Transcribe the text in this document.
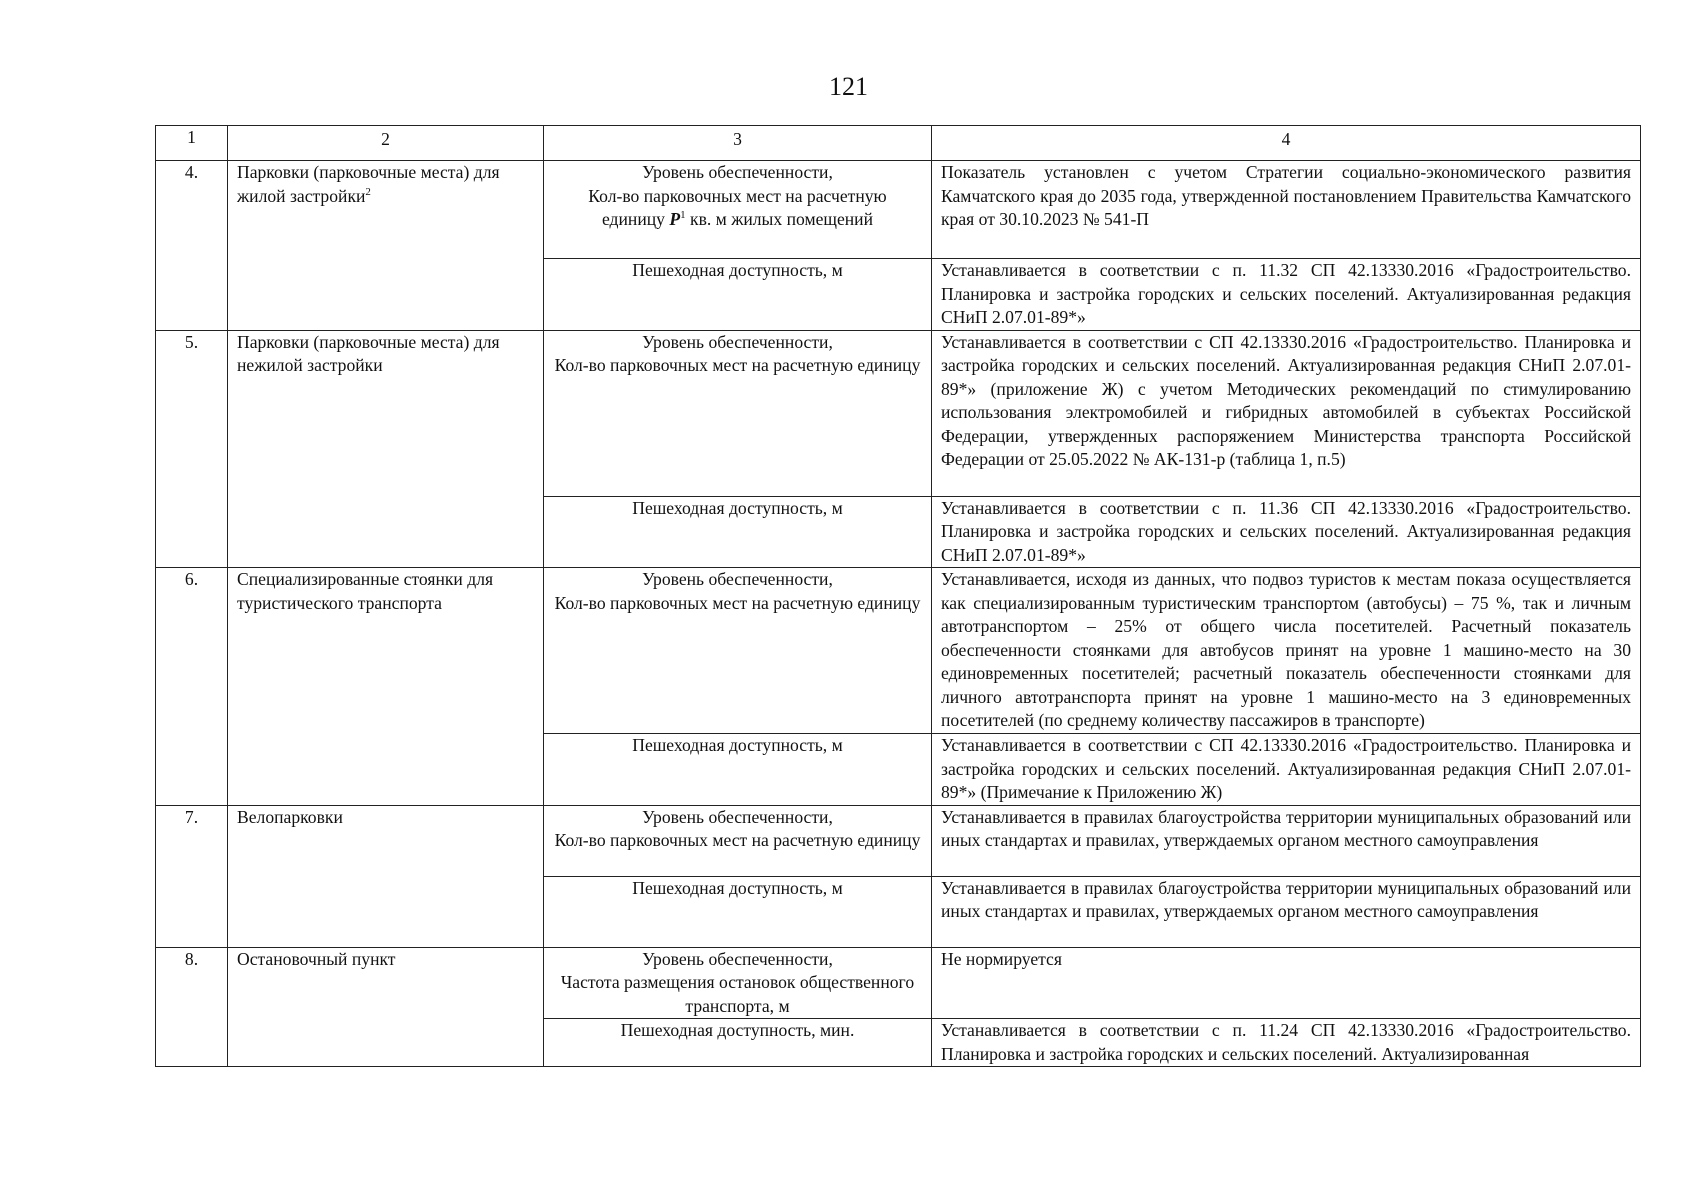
121
1	2	3	4
4.	Парковки (парковочные места) для жилой застройки$^2$	Уровень обеспеченности,
Кол-во парковочных мест на расчетную
единицу $P^1$ кв. м жилых помещений	Показатель установлен с учетом Стратегии социально-экономического развития Камчатского края до 2035 года, утвержденной постановлением Правительства Камчатского края от 30.10.2023 № 541-П
		Пешеходная доступность, м	Устанавливается в соответствии с п. 11.32 СП 42.13330.2016 «Градостроительство. Планировка и застройка городских и сельских поселений. Актуализированная редакция СНиП 2.07.01-89*»
5.	Парковки (парковочные места) для нежилой застройки	Уровень обеспеченности,
Кол-во парковочных мест на расчетную единицу	Устанавливается в соответствии с СП 42.13330.2016 «Градостроительство. Планировка и застройка городских и сельских поселений. Актуализированная редакция СНиП 2.07.01-89*» (приложение Ж) с учетом Методических рекомендаций по стимулированию использования электромобилей и гибридных автомобилей в субъектах Российской Федерации, утвержденных распоряжением Министерства транспорта Российской Федерации от 25.05.2022 № АК-131-р (таблица 1, п.5)
		Пешеходная доступность, м	Устанавливается в соответствии с п. 11.36 СП 42.13330.2016 «Градостроительство. Планировка и застройка городских и сельских поселений. Актуализированная редакция СНиП 2.07.01-89*»
6.	Специализированные стоянки для туристического транспорта	Уровень обеспеченности,
Кол-во парковочных мест на расчетную единицу	Устанавливается, исходя из данных, что подвоз туристов к местам показа осуществляется как специализированным туристическим транспортом (автобусы) – 75 %, так и личным автотранспортом – 25% от общего числа посетителей. Расчетный показатель обеспеченности стоянками для автобусов принят на уровне 1 машино-место на 30 единовременных посетителей; расчетный показатель обеспеченности стоянками для личного автотранспорта принят на уровне 1 машино-место на 3 единовременных посетителей (по среднему количеству пассажиров в транспорте)
		Пешеходная доступность, м	Устанавливается в соответствии с СП 42.13330.2016 «Градостроительство. Планировка и застройка городских и сельских поселений. Актуализированная редакция СНиП 2.07.01-89*» (Примечание к Приложению Ж)
7.	Велопарковки	Уровень обеспеченности,
Кол-во парковочных мест на расчетную единицу	Устанавливается в правилах благоустройства территории муниципальных образований или иных стандартах и правилах, утверждаемых органом местного самоуправления
		Пешеходная доступность, м	Устанавливается в правилах благоустройства территории муниципальных образований или иных стандартах и правилах, утверждаемых органом местного самоуправления
8.	Остановочный пункт	Уровень обеспеченности,
Частота размещения остановок общественного транспорта, м	Не нормируется
		Пешеходная доступность, мин.	Устанавливается в соответствии с п. 11.24 СП 42.13330.2016 «Градостроительство. Планировка и застройка городских и сельских поселений. Актуализированная
